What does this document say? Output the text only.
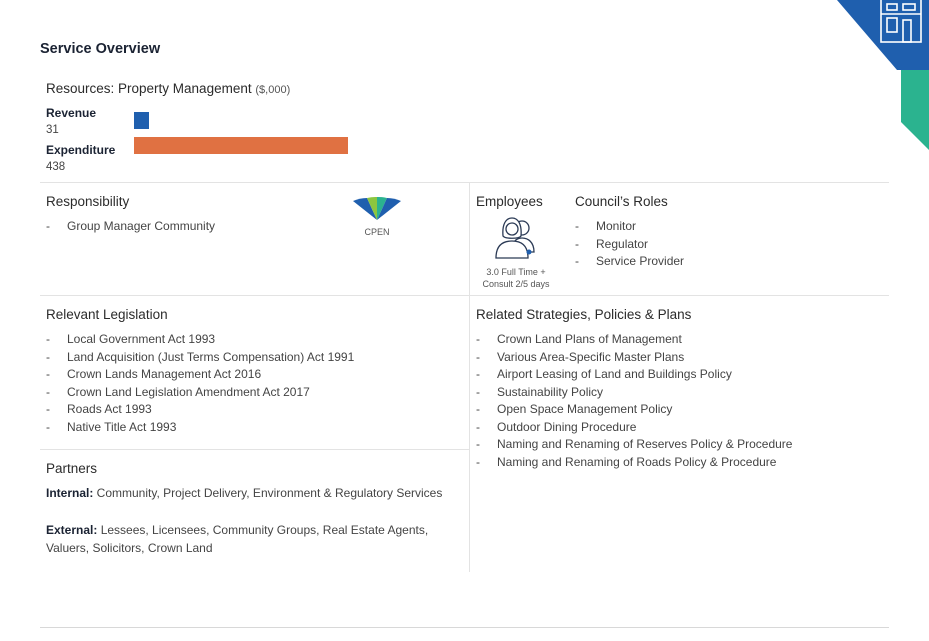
Service Overview
Resources: Property Management ($,000)
Revenue
31
Expenditure
438
Responsibility
- Group Manager Community	CPEN
Employees
3.0 Full Time +
Consult 2/5 days
Council’s Roles
- Monitor
- Regulator
- Service Provider
Relevant Legislation
- Local Government Act 1993
- Land Acquisition (Just Terms Compensation) Act 1991
- Crown Lands Management Act 2016
- Crown Land Legislation Amendment Act 2017
- Roads Act 1993
- Native Title Act 1993
Related Strategies, Policies & Plans
- Crown Land Plans of Management
- Various Area-Specific Master Plans
- Airport Leasing of Land and Buildings Policy
- Sustainability Policy
- Open Space Management Policy
- Outdoor Dining Procedure
- Naming and Renaming of Reserves Policy & Procedure
- Naming and Renaming of Roads Policy & Procedure
Partners
Internal: Community, Project Delivery, Environment & Regulatory Services
External: Lessees, Licensees, Community Groups, Real Estate Agents, Valuers, Solicitors, Crown Land
